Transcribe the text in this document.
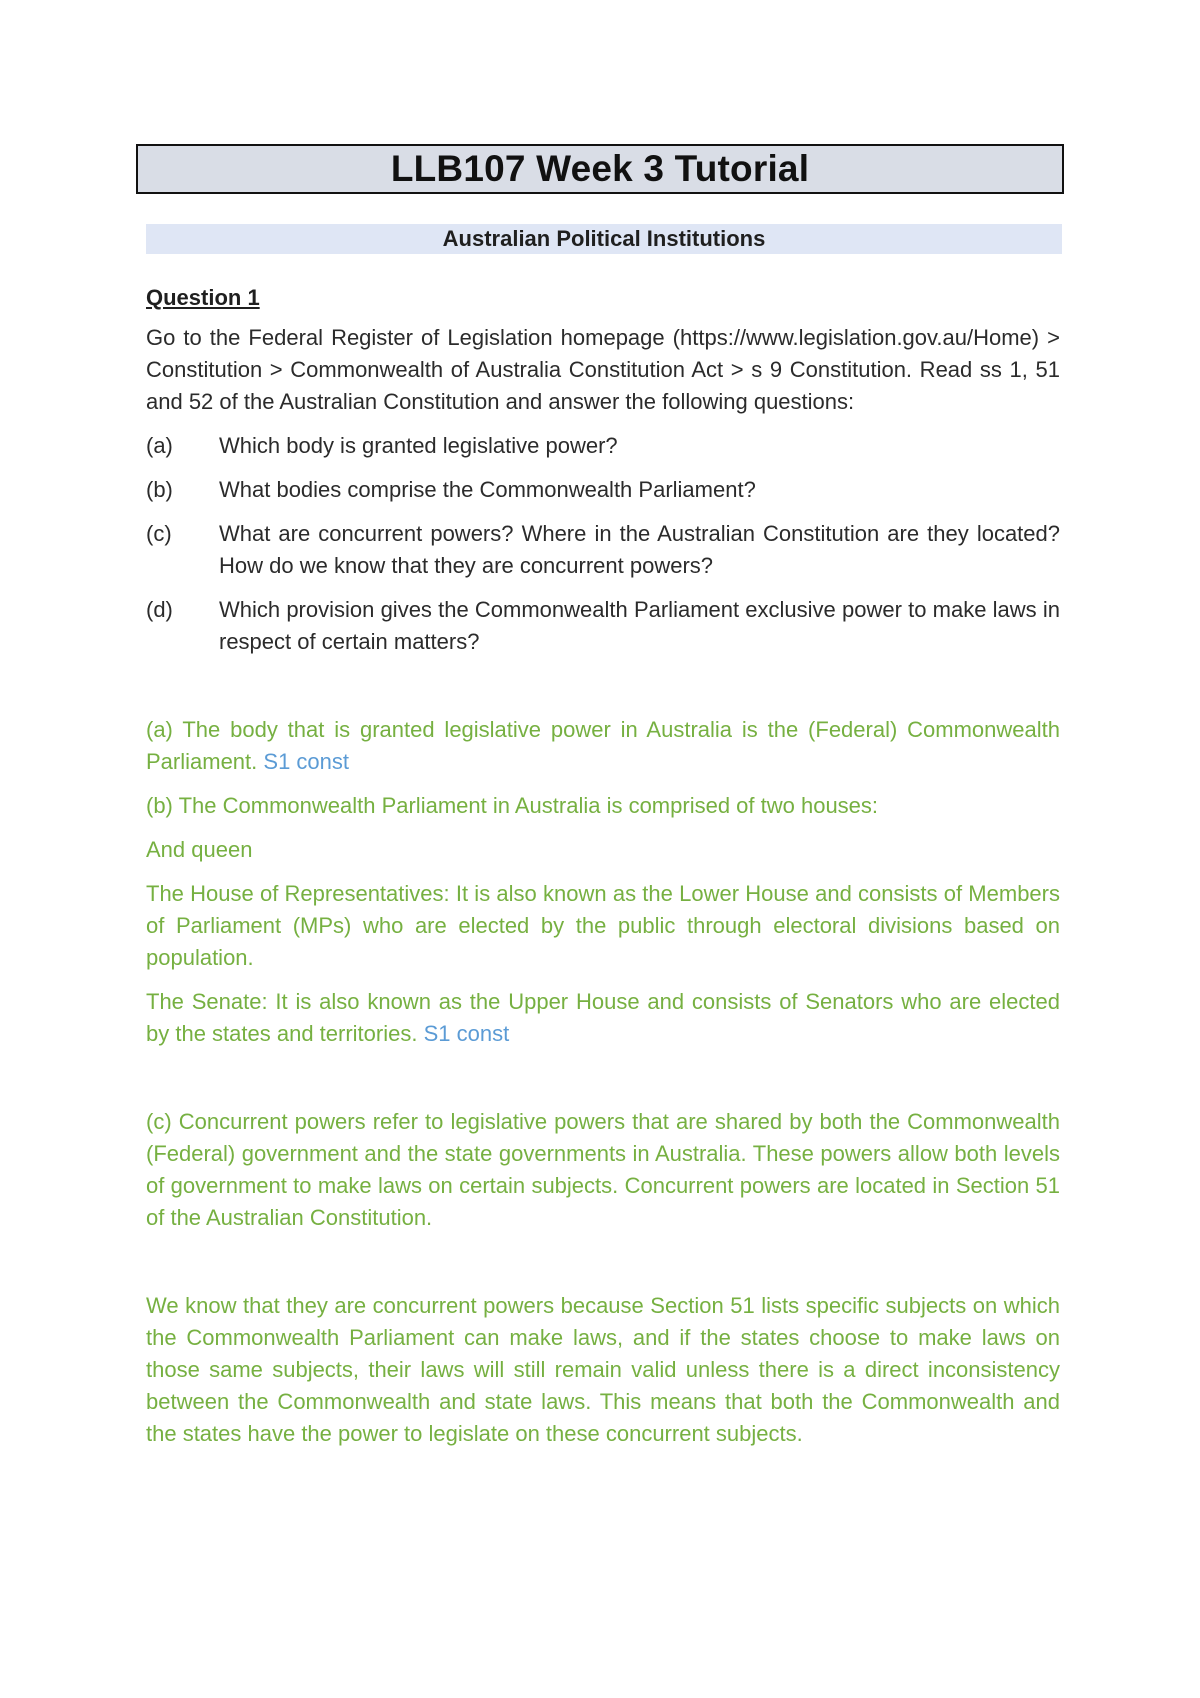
LLB107 Week 3 Tutorial
Australian Political Institutions
Question 1

Go to the Federal Register of Legislation homepage (https://www.legislation.gov.au/Home) > Constitution > Commonwealth of Australia Constitution Act > s 9 Constitution. Read ss 1, 51 and 52 of the Australian Constitution and answer the following questions:

(a)	Which body is granted legislative power?
(b)	What bodies comprise the Commonwealth Parliament?
(c)	What are concurrent powers? Where in the Australian Constitution are they located? How do we know that they are concurrent powers?
(d)	Which provision gives the Commonwealth Parliament exclusive power to make laws in respect of certain matters?

(a) The body that is granted legislative power in Australia is the (Federal) Commonwealth Parliament. S1 const

(b) The Commonwealth Parliament in Australia is comprised of two houses:

And queen

The House of Representatives: It is also known as the Lower House and consists of Members of Parliament (MPs) who are elected by the public through electoral divisions based on population.

The Senate: It is also known as the Upper House and consists of Senators who are elected by the states and territories. S1 const

(c) Concurrent powers refer to legislative powers that are shared by both the Commonwealth (Federal) government and the state governments in Australia. These powers allow both levels of government to make laws on certain subjects. Concurrent powers are located in Section 51 of the Australian Constitution.

We know that they are concurrent powers because Section 51 lists specific subjects on which the Commonwealth Parliament can make laws, and if the states choose to make laws on those same subjects, their laws will still remain valid unless there is a direct inconsistency between the Commonwealth and state laws. This means that both the Commonwealth and the states have the power to legislate on these concurrent subjects.
